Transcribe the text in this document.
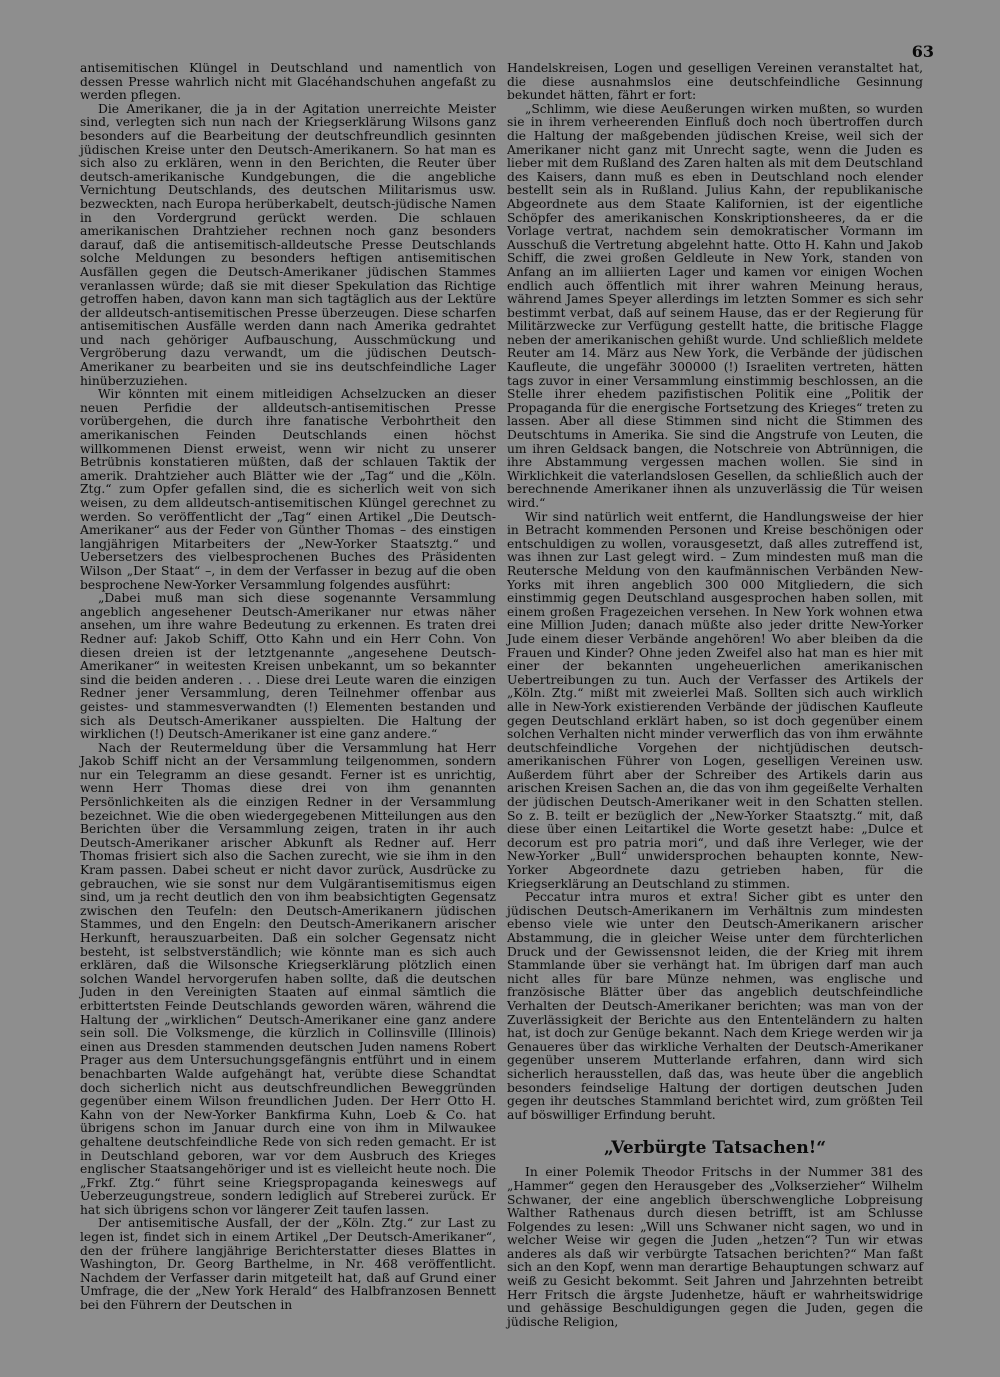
63

antisemitischen Klüngel in Deutschland und namentlich von dessen Presse wahrlich nicht mit Glacéhandschuhen angefaßt zu werden pflegen.

Die Amerikaner, die ja in der Agitation unerreichte Meister sind, verlegten sich nun nach der Kriegserklärung Wilsons ganz besonders auf die Bearbeitung der deutschfreundlich gesinnten jüdischen Kreise unter den Deutsch-Amerikanern. So hat man es sich also zu erklären, wenn in den Berichten, die Reuter über deutsch-amerikanische Kundgebungen, die die angebliche Vernichtung Deutschlands, des deutschen Militarismus usw. bezweckten, nach Europa herüberkabelt, deutsch-jüdische Namen in den Vordergrund gerückt werden. Die schlauen amerikanischen Drahtzieher rechnen noch ganz besonders darauf, daß die antisemitisch-alldeutsche Presse Deutschlands solche Meldungen zu besonders heftigen antisemitischen Ausfällen gegen die Deutsch-Amerikaner jüdischen Stammes veranlassen würde; daß sie mit dieser Spekulation das Richtige getroffen haben, davon kann man sich tagtäglich aus der Lektüre der alldeutsch-antisemitischen Presse überzeugen. Diese scharfen antisemitischen Ausfälle werden dann nach Amerika gedrahtet und nach gehöriger Aufbauschung, Ausschmückung und Vergröberung dazu verwandt, um die jüdischen Deutsch-Amerikaner zu bearbeiten und sie ins deutschfeindliche Lager hinüberzuziehen.

Wir könnten mit einem mitleidigen Achselzucken an dieser neuen Perfidie der alldeutsch-antisemitischen Presse vorübergehen, die durch ihre fanatische Verbohrtheit den amerikanischen Feinden Deutschlands einen höchst willkommenen Dienst erweist, wenn wir nicht zu unserer Betrübnis konstatieren müßten, daß der schlauen Taktik der amerik. Drahtzieher auch Blätter wie der „Tag“ und die „Köln. Ztg.“ zum Opfer gefallen sind, die es sicherlich weit von sich weisen, zu dem alldeutsch-antisemitischen Klüngel gerechnet zu werden. So veröffentlicht der „Tag“ einen Artikel „Die Deutsch-Amerikaner“ aus der Feder von Günther Thomas – des einstigen langjährigen Mitarbeiters der „New-Yorker Staatsztg.“ und Uebersetzers des vielbesprochenen Buches des Präsidenten Wilson „Der Staat“ –, in dem der Verfasser in bezug auf die oben besprochene New-Yorker Versammlung folgendes ausführt:

„Dabei muß man sich diese sogenannte Versammlung angeblich angesehener Deutsch-Amerikaner nur etwas näher ansehen, um ihre wahre Bedeutung zu erkennen. Es traten drei Redner auf: Jakob Schiff, Otto Kahn und ein Herr Cohn. Von diesen dreien ist der letztgenannte „angesehene Deutsch-Amerikaner“ in weitesten Kreisen unbekannt, um so bekannter sind die beiden anderen . . . Diese drei Leute waren die einzigen Redner jener Versammlung, deren Teilnehmer offenbar aus geistes- und stammesverwandten (!) Elementen bestanden und sich als Deutsch-Amerikaner ausspielten. Die Haltung der wirklichen (!) Deutsch-Amerikaner ist eine ganz andere.“

Nach der Reutermeldung über die Versammlung hat Herr Jakob Schiff nicht an der Versammlung teilgenommen, sondern nur ein Telegramm an diese gesandt. Ferner ist es unrichtig, wenn Herr Thomas diese drei von ihm genannten Persönlichkeiten als die einzigen Redner in der Versammlung bezeichnet. Wie die oben wiedergegebenen Mitteilungen aus den Berichten über die Versammlung zeigen, traten in ihr auch Deutsch-Amerikaner arischer Abkunft als Redner auf. Herr Thomas frisiert sich also die Sachen zurecht, wie sie ihm in den Kram passen. Dabei scheut er nicht davor zurück, Ausdrücke zu gebrauchen, wie sie sonst nur dem Vulgärantisemitismus eigen sind, um ja recht deutlich den von ihm beabsichtigten Gegensatz zwischen den Teufeln: den Deutsch-Amerikanern jüdischen Stammes, und den Engeln: den Deutsch-Amerikanern arischer Herkunft, herauszuarbeiten. Daß ein solcher Gegensatz nicht besteht, ist selbstverständlich; wie könnte man es sich auch erklären, daß die Wilsonsche Kriegserklärung plötzlich einen solchen Wandel hervorgerufen haben sollte, daß die deutschen Juden in den Vereinigten Staaten auf einmal sämtlich die erbittertsten Feinde Deutschlands geworden wären, während die Haltung der „wirklichen“ Deutsch-Amerikaner eine ganz andere sein soll. Die Volksmenge, die kürzlich in Collinsville (Illinois) einen aus Dresden stammenden deutschen Juden namens Robert Prager aus dem Untersuchungsgefängnis entführt und in einem benachbarten Walde aufgehängt hat, verübte diese Schandtat doch sicherlich nicht aus deutschfreundlichen Beweggründen gegenüber einem Wilson freundlichen Juden. Der Herr Otto H. Kahn von der New-Yorker Bankfirma Kuhn, Loeb & Co. hat übrigens schon im Januar durch eine von ihm in Milwaukee gehaltene deutschfeindliche Rede von sich reden gemacht. Er ist in Deutschland geboren, war vor dem Ausbruch des Krieges englischer Staatsangehöriger und ist es vielleicht heute noch. Die „Frkf. Ztg.“ führt seine Kriegspropaganda keineswegs auf Ueberzeugungstreue, sondern lediglich auf Streberei zurück. Er hat sich übrigens schon vor längerer Zeit taufen lassen.

Der antisemitische Ausfall, der der „Köln. Ztg.“ zur Last zu legen ist, findet sich in einem Artikel „Der Deutsch-Amerikaner“, den der frühere langjährige Berichterstatter dieses Blattes in Washington, Dr. Georg Barthelme, in Nr. 468 veröffentlicht. Nachdem der Verfasser darin mitgeteilt hat, daß auf Grund einer Umfrage, die der „New York Herald“ des Halbfranzosen Bennett bei den Führern der Deutschen in

Handelskreisen, Logen und geselligen Vereinen veranstaltet hat, die diese ausnahmslos eine deutschfeindliche Gesinnung bekundet hätten, fährt er fort:

„Schlimm, wie diese Aeußerungen wirken mußten, so wurden sie in ihrem verheerenden Einfluß doch noch übertroffen durch die Haltung der maßgebenden jüdischen Kreise, weil sich der Amerikaner nicht ganz mit Unrecht sagte, wenn die Juden es lieber mit dem Rußland des Zaren halten als mit dem Deutschland des Kaisers, dann muß es eben in Deutschland noch elender bestellt sein als in Rußland. Julius Kahn, der republikanische Abgeordnete aus dem Staate Kalifornien, ist der eigentliche Schöpfer des amerikanischen Konskriptionsheeres, da er die Vorlage vertrat, nachdem sein demokratischer Vormann im Ausschuß die Vertretung abgelehnt hatte. Otto H. Kahn und Jakob Schiff, die zwei großen Geldleute in New York, standen von Anfang an im alliierten Lager und kamen vor einigen Wochen endlich auch öffentlich mit ihrer wahren Meinung heraus, während James Speyer allerdings im letzten Sommer es sich sehr bestimmt verbat, daß auf seinem Hause, das er der Regierung für Militärzwecke zur Verfügung gestellt hatte, die britische Flagge neben der amerikanischen gehißt wurde. Und schließlich meldete Reuter am 14. März aus New York, die Verbände der jüdischen Kaufleute, die ungefähr 300000 (!) Israeliten vertreten, hätten tags zuvor in einer Versammlung einstimmig beschlossen, an die Stelle ihrer ehedem pazifistischen Politik eine „Politik der Propaganda für die energische Fortsetzung des Krieges“ treten zu lassen. Aber all diese Stimmen sind nicht die Stimmen des Deutschtums in Amerika. Sie sind die Angstrufe von Leuten, die um ihren Geldsack bangen, die Notschreie von Abtrünnigen, die ihre Abstammung vergessen machen wollen. Sie sind in Wirklichkeit die vaterlandslosen Gesellen, da schließlich auch der berechnende Amerikaner ihnen als unzuverlässig die Tür weisen wird.“

Wir sind natürlich weit entfernt, die Handlungsweise der hier in Betracht kommenden Personen und Kreise beschönigen oder entschuldigen zu wollen, vorausgesetzt, daß alles zutreffend ist, was ihnen zur Last gelegt wird. – Zum mindesten muß man die Reutersche Meldung von den kaufmännischen Verbänden New-Yorks mit ihren angeblich 300 000 Mitgliedern, die sich einstimmig gegen Deutschland ausgesprochen haben sollen, mit einem großen Fragezeichen versehen. In New York wohnen etwa eine Million Juden; danach müßte also jeder dritte New-Yorker Jude einem dieser Verbände angehören! Wo aber bleiben da die Frauen und Kinder? Ohne jeden Zweifel also hat man es hier mit einer der bekannten ungeheuerlichen amerikanischen Uebertreibungen zu tun. Auch der Verfasser des Artikels der „Köln. Ztg.“ mißt mit zweierlei Maß. Sollten sich auch wirklich alle in New-York existierenden Verbände der jüdischen Kaufleute gegen Deutschland erklärt haben, so ist doch gegenüber einem solchen Verhalten nicht minder verwerflich das von ihm erwähnte deutschfeindliche Vorgehen der nichtjüdischen deutsch-amerikanischen Führer von Logen, geselligen Vereinen usw. Außerdem führt aber der Schreiber des Artikels darin aus arischen Kreisen Sachen an, die das von ihm gegeißelte Verhalten der jüdischen Deutsch-Amerikaner weit in den Schatten stellen. So z. B. teilt er bezüglich der „New-Yorker Staatsztg.“ mit, daß diese über einen Leitartikel die Worte gesetzt habe: „Dulce et decorum est pro patria mori“, und daß ihre Verleger, wie der New-Yorker „Bull“ unwidersprochen behaupten konnte, New-Yorker Abgeordnete dazu getrieben haben, für die Kriegserklärung an Deutschland zu stimmen.

Peccatur intra muros et extra! Sicher gibt es unter den jüdischen Deutsch-Amerikanern im Verhältnis zum mindesten ebenso viele wie unter den Deutsch-Amerikanern arischer Abstammung, die in gleicher Weise unter dem fürchterlichen Druck und der Gewissensnot leiden, die der Krieg mit ihrem Stammlande über sie verhängt hat. Im übrigen darf man auch nicht alles für bare Münze nehmen, was englische und französische Blätter über das angeblich deutschfeindliche Verhalten der Deutsch-Amerikaner berichten; was man von der Zuverlässigkeit der Berichte aus den Ententeländern zu halten hat, ist doch zur Genüge bekannt. Nach dem Kriege werden wir ja Genaueres über das wirkliche Verhalten der Deutsch-Amerikaner gegenüber unserem Mutterlande erfahren, dann wird sich sicherlich herausstellen, daß das, was heute über die angeblich besonders feindselige Haltung der dortigen deutschen Juden gegen ihr deutsches Stammland berichtet wird, zum größten Teil auf böswilliger Erfindung beruht.

„Verbürgte Tatsachen!“

In einer Polemik Theodor Fritschs in der Nummer 381 des „Hammer“ gegen den Herausgeber des „Volkserzieher“ Wilhelm Schwaner, der eine angeblich überschwengliche Lobpreisung Walther Rathenaus durch diesen betrifft, ist am Schlusse Folgendes zu lesen: „Will uns Schwaner nicht sagen, wo und in welcher Weise wir gegen die Juden „hetzen“? Tun wir etwas anderes als daß wir verbürgte Tatsachen berichten?“ Man faßt sich an den Kopf, wenn man derartige Behauptungen schwarz auf weiß zu Gesicht bekommt. Seit Jahren und Jahrzehnten betreibt Herr Fritsch die ärgste Judenhetze, häuft er wahrheitswidrige und gehässige Beschuldigungen gegen die Juden, gegen die jüdische Religion,
